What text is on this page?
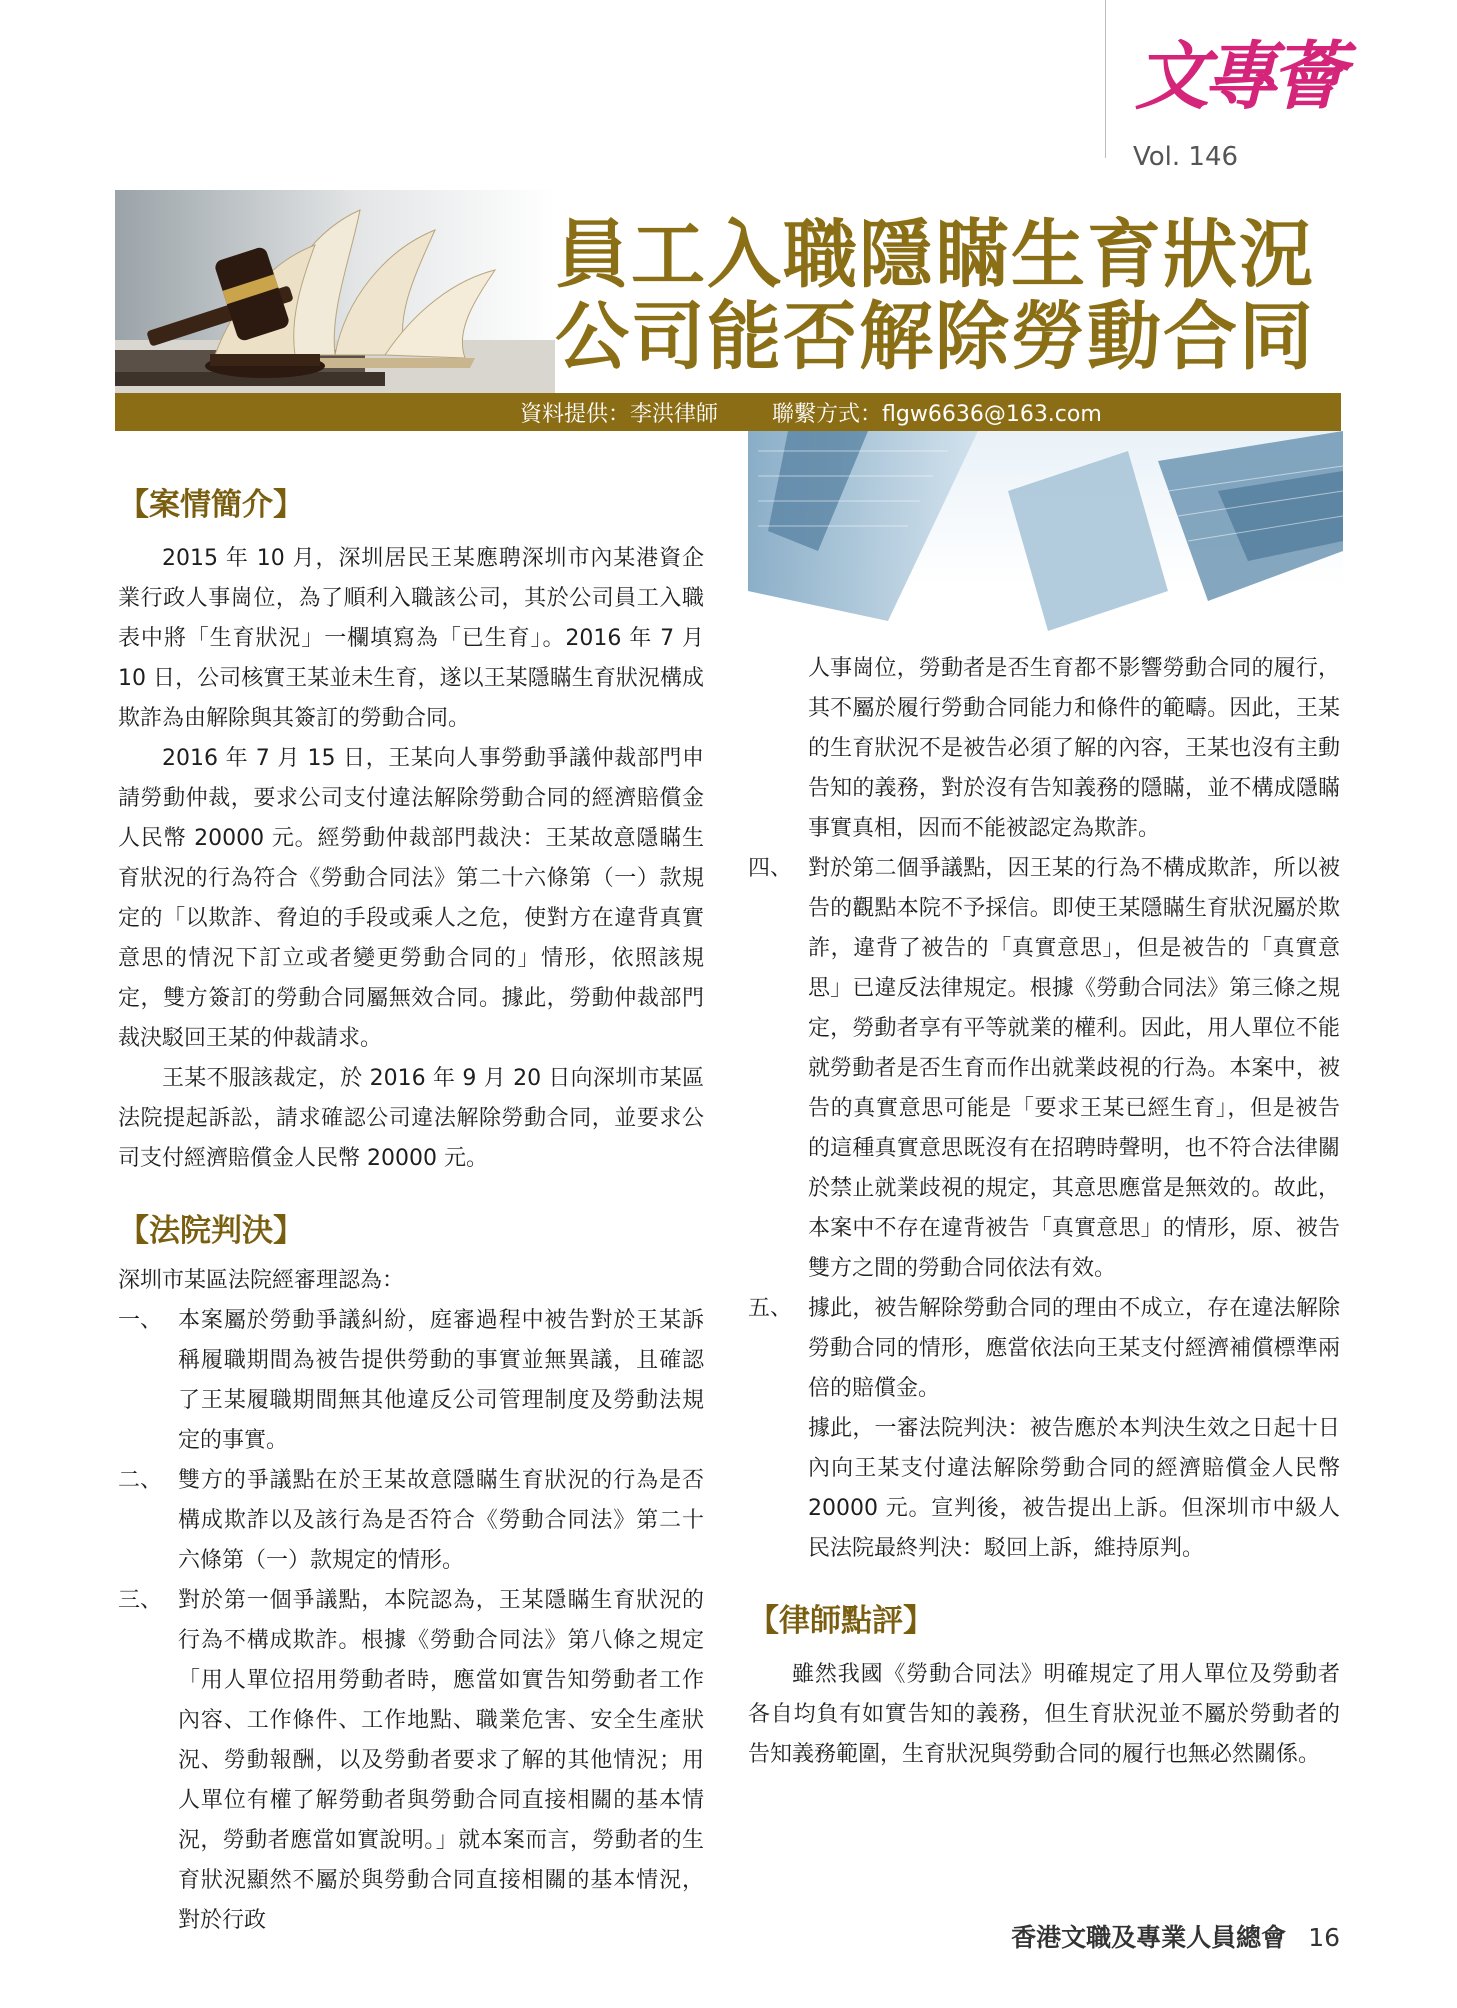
文專薈
Vol. 146
員工入職隱瞞生育狀況
公司能否解除勞動合同
資料提供：李洪律師 聯繫方式：flgw6636@163.com

【案情簡介】

2015 年 10 月，深圳居民王某應聘深圳市內某港資企業行政人事崗位，為了順利入職該公司，其於公司員工入職表中將「生育狀況」一欄填寫為「已生育」。2016 年 7 月 10 日，公司核實王某並未生育，遂以王某隱瞞生育狀況構成欺詐為由解除與其簽訂的勞動合同。

2016 年 7 月 15 日，王某向人事勞動爭議仲裁部門申請勞動仲裁，要求公司支付違法解除勞動合同的經濟賠償金人民幣 20000 元。經勞動仲裁部門裁決：王某故意隱瞞生育狀況的行為符合《勞動合同法》第二十六條第（一）款規定的「以欺詐、脅迫的手段或乘人之危，使對方在違背真實意思的情況下訂立或者變更勞動合同的」情形，依照該規定，雙方簽訂的勞動合同屬無效合同。據此，勞動仲裁部門裁決駁回王某的仲裁請求。

王某不服該裁定，於 2016 年 9 月 20 日向深圳市某區法院提起訴訟，請求確認公司違法解除勞動合同，並要求公司支付經濟賠償金人民幣 20000 元。

【法院判決】

深圳市某區法院經審理認為：

一、 本案屬於勞動爭議糾紛，庭審過程中被告對於王某訴稱履職期間為被告提供勞動的事實並無異議，且確認了王某履職期間無其他違反公司管理制度及勞動法規定的事實。

二、 雙方的爭議點在於王某故意隱瞞生育狀況的行為是否構成欺詐以及該行為是否符合《勞動合同法》第二十六條第（一）款規定的情形。

三、 對於第一個爭議點，本院認為，王某隱瞞生育狀況的行為不構成欺詐。根據《勞動合同法》第八條之規定「用人單位招用勞動者時，應當如實告知勞動者工作內容、工作條件、工作地點、職業危害、安全生產狀況、勞動報酬，以及勞動者要求了解的其他情況；用人單位有權了解勞動者與勞動合同直接相關的基本情況，勞動者應當如實說明。」就本案而言，勞動者的生育狀況顯然不屬於與勞動合同直接相關的基本情況，對於行政

人事崗位，勞動者是否生育都不影響勞動合同的履行，其不屬於履行勞動合同能力和條件的範疇。因此，王某的生育狀況不是被告必須了解的內容，王某也沒有主動告知的義務，對於沒有告知義務的隱瞞，並不構成隱瞞事實真相，因而不能被認定為欺詐。

四、 對於第二個爭議點，因王某的行為不構成欺詐，所以被告的觀點本院不予採信。即使王某隱瞞生育狀況屬於欺詐，違背了被告的「真實意思」，但是被告的「真實意思」已違反法律規定。根據《勞動合同法》第三條之規定，勞動者享有平等就業的權利。因此，用人單位不能就勞動者是否生育而作出就業歧視的行為。本案中，被告的真實意思可能是「要求王某已經生育」，但是被告的這種真實意思既沒有在招聘時聲明，也不符合法律關於禁止就業歧視的規定，其意思應當是無效的。故此，本案中不存在違背被告「真實意思」的情形，原、被告雙方之間的勞動合同依法有效。

五、 據此，被告解除勞動合同的理由不成立，存在違法解除勞動合同的情形，應當依法向王某支付經濟補償標準兩倍的賠償金。

據此，一審法院判決：被告應於本判決生效之日起十日內向王某支付違法解除勞動合同的經濟賠償金人民幣 20000 元。宣判後，被告提出上訴。但深圳市中級人民法院最終判決：駁回上訴，維持原判。

【律師點評】

雖然我國《勞動合同法》明確規定了用人單位及勞動者各自均負有如實告知的義務，但生育狀況並不屬於勞動者的告知義務範圍，生育狀況與勞動合同的履行也無必然關係。

香港文職及專業人員總會 16
